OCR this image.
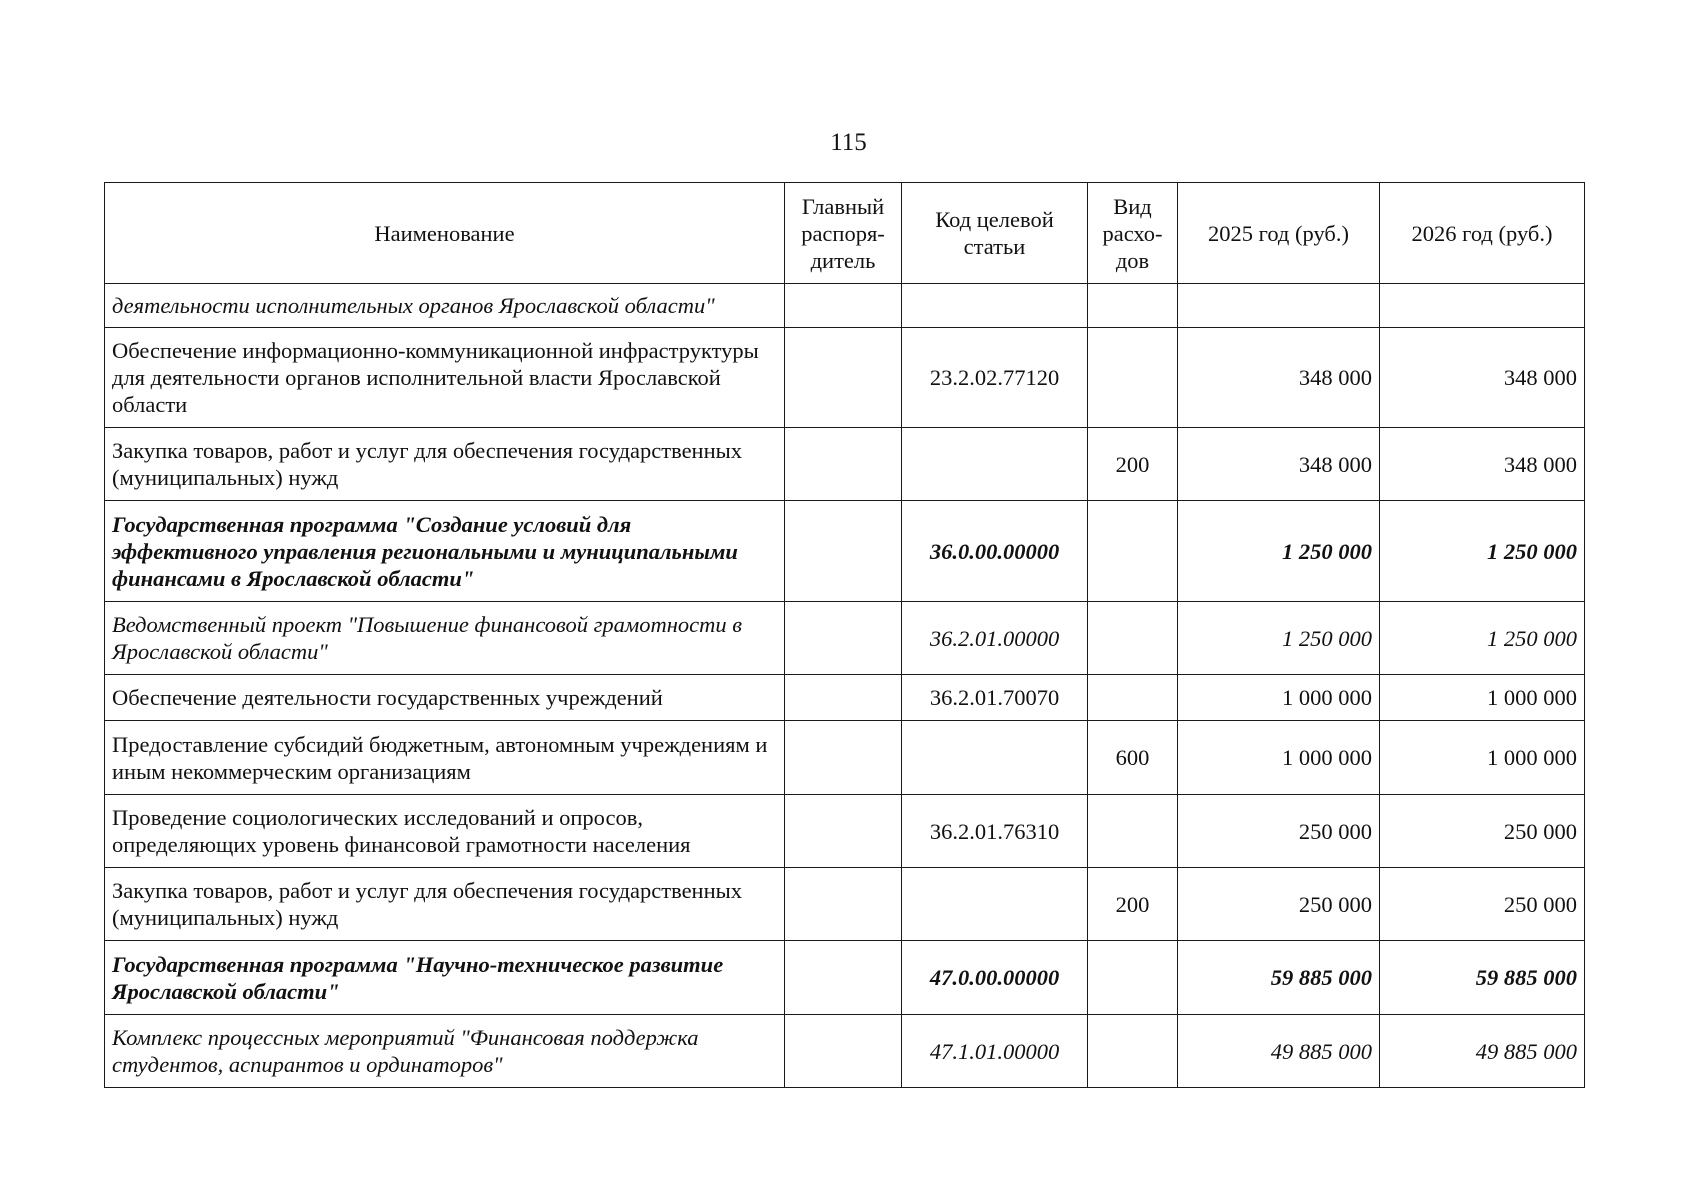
115
Наименование	Главный распоря- дитель	Код целевой статьи	Вид расхо- дов	2025 год (руб.)	2026 год (руб.)
деятельности исполнительных органов Ярославской области"					
Обеспечение информационно-коммуникационной инфраструктуры для деятельности органов исполнительной власти Ярославской области		23.2.02.77120		348 000	348 000
Закупка товаров, работ и услуг для обеспечения государственных (муниципальных) нужд			200	348 000	348 000
Государственная программа "Создание условий для эффективного управления региональными и муниципальными финансами в Ярославской области"		36.0.00.00000		1 250 000	1 250 000
Ведомственный проект "Повышение финансовой грамотности в Ярославской области"		36.2.01.00000		1 250 000	1 250 000
Обеспечение деятельности государственных учреждений		36.2.01.70070		1 000 000	1 000 000
Предоставление субсидий бюджетным, автономным учреждениям и иным некоммерческим организациям			600	1 000 000	1 000 000
Проведение социологических исследований и опросов, определяющих уровень финансовой грамотности населения		36.2.01.76310		250 000	250 000
Закупка товаров, работ и услуг для обеспечения государственных (муниципальных) нужд			200	250 000	250 000
Государственная программа "Научно-техническое развитие Ярославской области"		47.0.00.00000		59 885 000	59 885 000
Комплекс процессных мероприятий "Финансовая поддержка студентов, аспирантов и ординаторов"		47.1.01.00000		49 885 000	49 885 000
